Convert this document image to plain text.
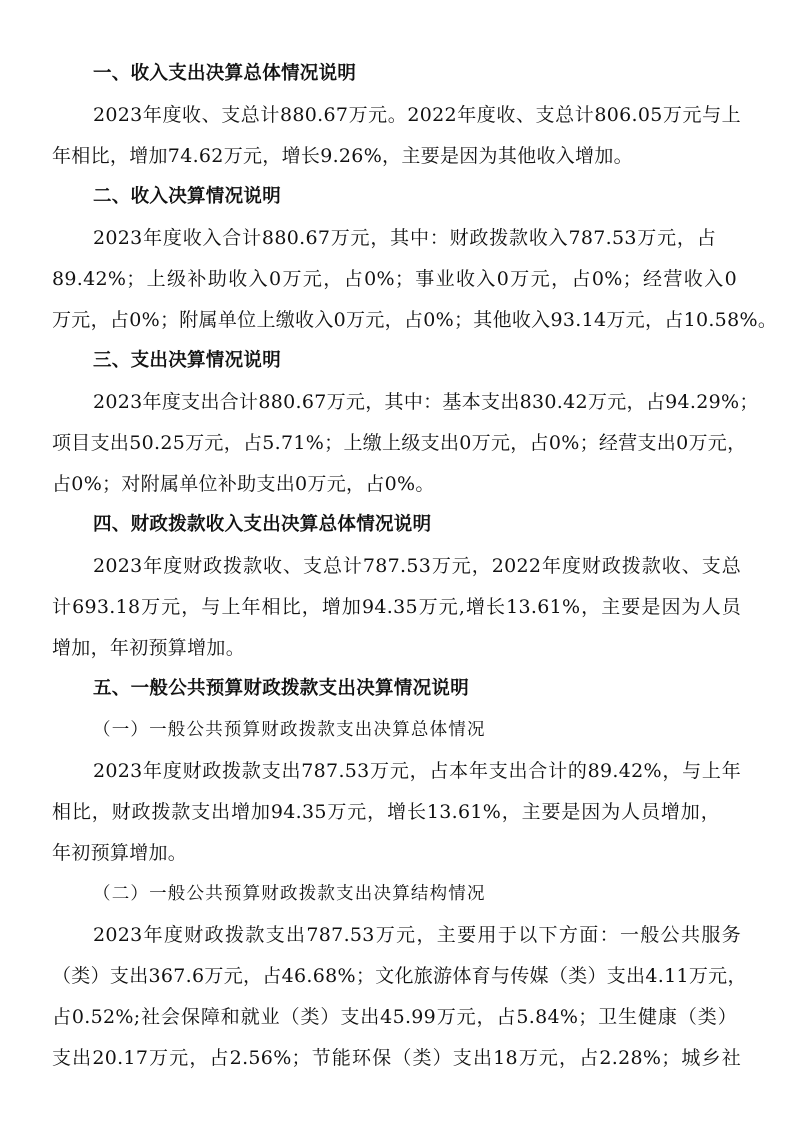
一、收入支出决算总体情况说明
2023年度收、支总计880.67万元。2022年度收、支总计806.05万元与上
年相比，增加74.62万元，增长9.26%，主要是因为其他收入增加。
二、收入决算情况说明
2023年度收入合计880.67万元，其中：财政拨款收入787.53万元，占
89.42%；上级补助收入0万元，占0%；事业收入0万元，占0%；经营收入0
万元，占0%；附属单位上缴收入0万元，占0%；其他收入93.14万元，占10.58%。
三、支出决算情况说明
2023年度支出合计880.67万元，其中：基本支出830.42万元，占94.29%；
项目支出50.25万元，占5.71%；上缴上级支出0万元，占0%；经营支出0万元，
占0%；对附属单位补助支出0万元，占0%。
四、财政拨款收入支出决算总体情况说明
2023年度财政拨款收、支总计787.53万元，2022年度财政拨款收、支总
计693.18万元，与上年相比，增加94.35万元,增长13.61%，主要是因为人员
增加，年初预算增加。
五、一般公共预算财政拨款支出决算情况说明
（一）一般公共预算财政拨款支出决算总体情况
2023年度财政拨款支出787.53万元，占本年支出合计的89.42%，与上年
相比，财政拨款支出增加94.35万元，增长13.61%，主要是因为人员增加，
年初预算增加。
（二）一般公共预算财政拨款支出决算结构情况
2023年度财政拨款支出787.53万元，主要用于以下方面：一般公共服务
（类）支出367.6万元，占46.68%；文化旅游体育与传媒（类）支出4.11万元，
占0.52%;社会保障和就业（类）支出45.99万元，占5.84%；卫生健康（类）
支出20.17万元，占2.56%；节能环保（类）支出18万元，占2.28%；城乡社
